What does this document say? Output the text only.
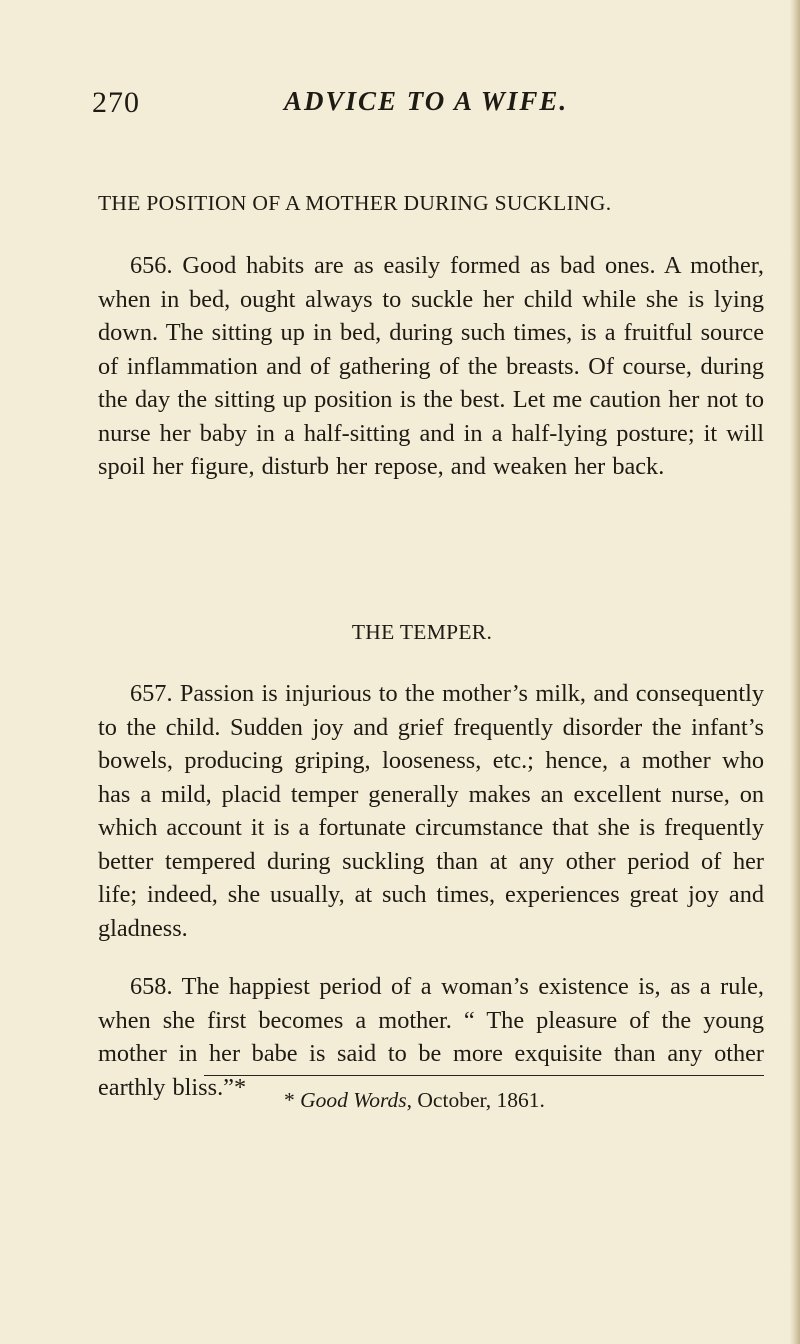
270	ADVICE TO A WIFE.
THE POSITION OF A MOTHER DURING SUCKLING.

656. Good habits are as easily formed as bad ones. A mother, when in bed, ought always to suckle her child while she is lying down. The sitting up in bed, during such times, is a fruitful source of inflammation and of gathering of the breasts. Of course, during the day the sitting up position is the best. Let me caution her not to nurse her baby in a half-sitting and in a half-lying posture; it will spoil her figure, disturb her repose, and weaken her back.

THE TEMPER.

657. Passion is injurious to the mother’s milk, and consequently to the child. Sudden joy and grief frequently disorder the infant’s bowels, producing griping, looseness, etc.; hence, a mother who has a mild, placid temper generally makes an excellent nurse, on which account it is a fortunate circumstance that she is frequently better tempered during suckling than at any other period of her life; indeed, she usually, at such times, experiences great joy and gladness.

658. The happiest period of a woman’s existence is, as a rule, when she first becomes a mother. “ The pleasure of the young mother in her babe is said to be more exquisite than any other earthly bliss.”*	* Good Words, October, 1861.
